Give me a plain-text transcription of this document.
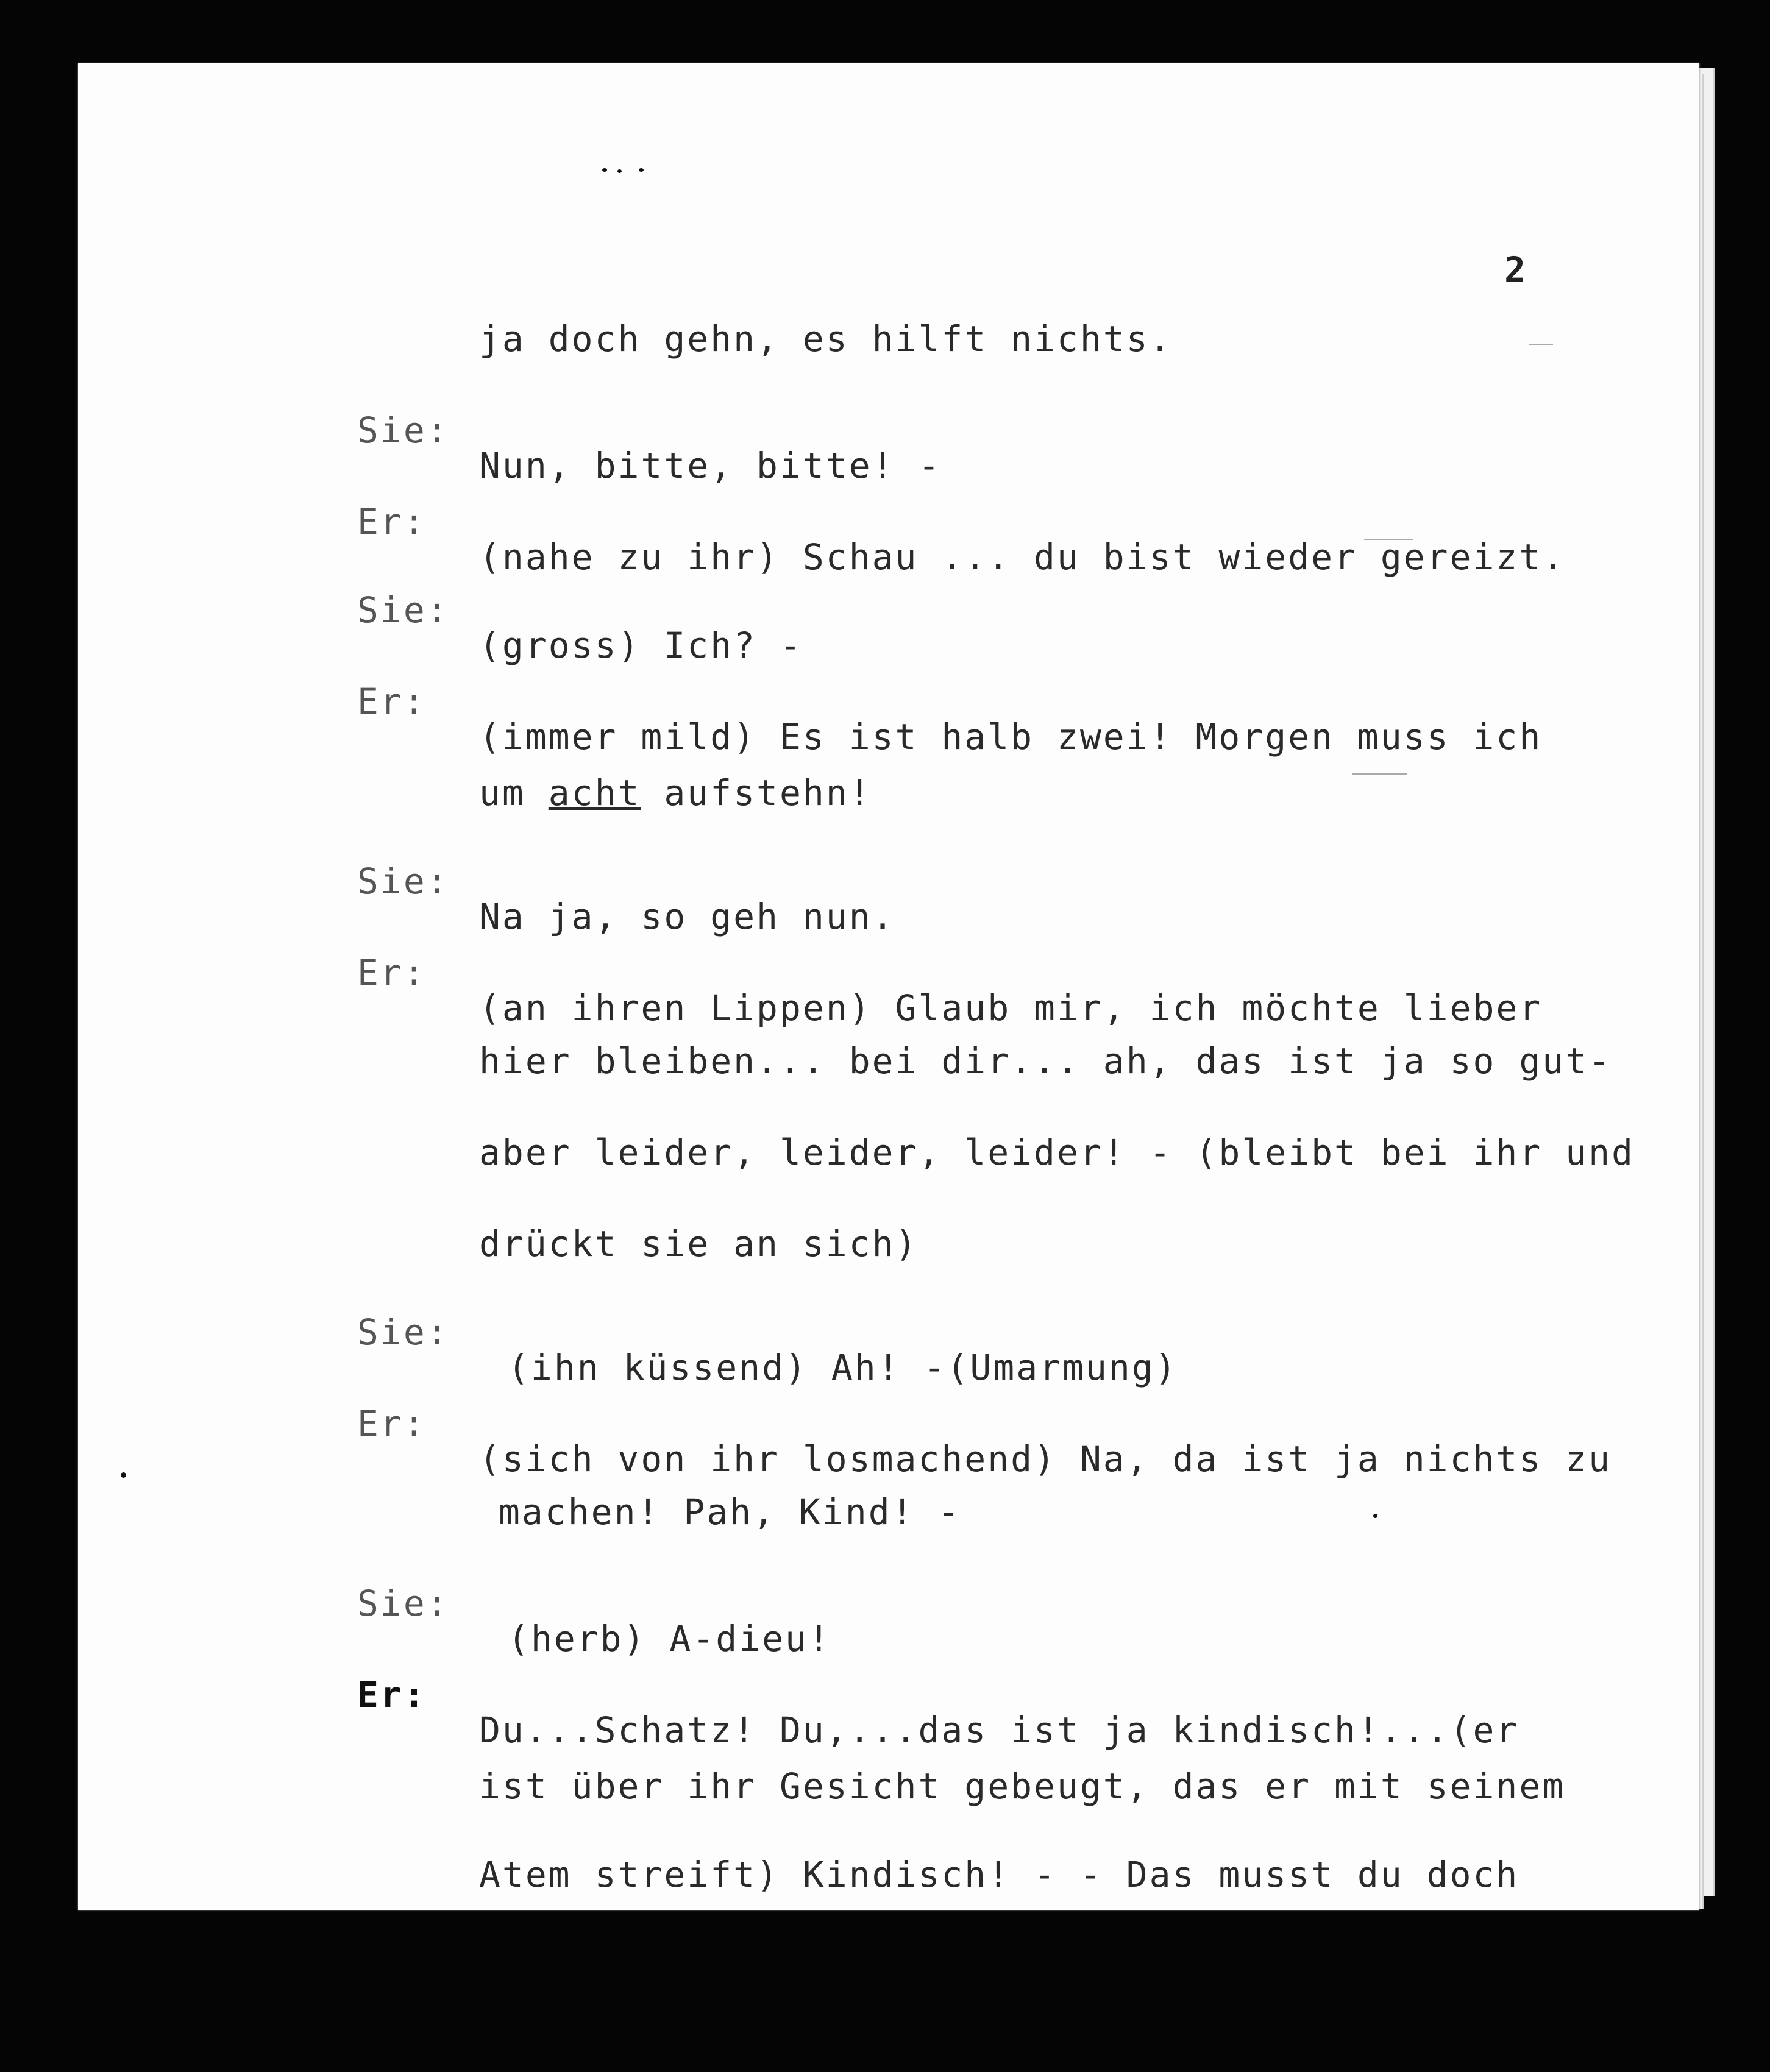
2

ja doch gehn, es hilft nichts.

Sie:

Nun, bitte, bitte! -

Er:

(nahe zu ihr) Schau ... du bist wieder gereizt.

Sie:

(gross) Ich? -

Er:

(immer mild) Es ist halb zwei! Morgen muss ich

um acht aufstehn!

Sie:

Na ja, so geh nun.

Er:

(an ihren Lippen) Glaub mir, ich möchte lieber

hier bleiben... bei dir... ah, das ist ja so gut-

aber leider, leider, leider! - (bleibt bei ihr und

drückt sie an sich)

Sie:

(ihn küssend) Ah! -(Umarmung)

Er:

(sich von ihr losmachend) Na, da ist ja nichts zu

machen! Pah, Kind! -

Sie:

(herb) A-dieu!

Er:

Du...Schatz! Du,...das ist ja kindisch!...(er

ist über ihr Gesicht gebeugt, das er mit seinem

Atem streift) Kindisch! - - Das musst du doch
